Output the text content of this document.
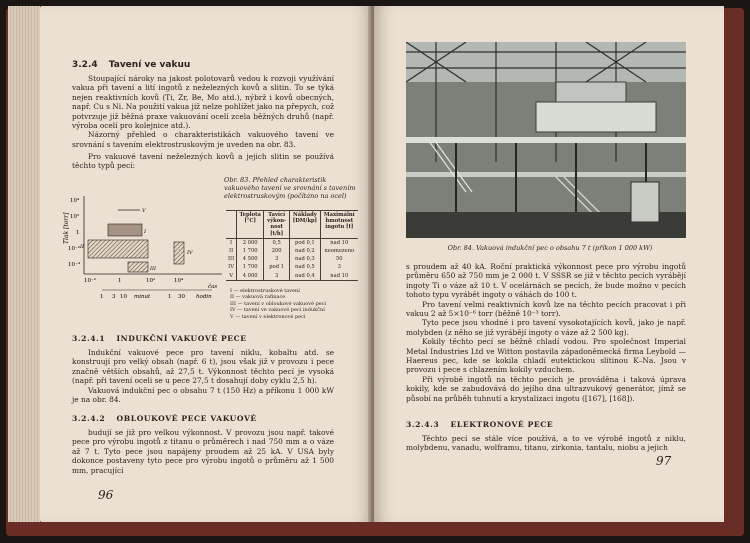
3.2.4 Tavení ve vakuu

Stoupající nároky na jakost polotovarů vedou k rozvoji využívání vakua při tavení a lití ingotů z neželezných kovů a slitin. To se týká nejen reaktivních kovů (Ti, Zr, Be, Mo atd.), nýbrž i kovů obecných, např. Cu s Ni. Na použití vakua již nelze pohlížet jako na přepych, což potvrzuje již běžná praxe vakuování ocelí zcela běžných druhů (např. výroba ocelí pro kolejnice atd.).

Názorný přehled o charakteristikách vakuového tavení ve srovnání s tavením elektrostruskovým je uveden na obr. 83.

Pro vakuové tavení neželezných kovů a jejich slitin se používá těchto typů pecí:

Tlak [torr]
10⁴
10²
1
10⁻²
10⁻⁴
10⁻²	1	10²	10⁴
I
II
III
IV
V
čas
1 3 10 minut	1 30 hodin
Obr. 83. Přehled charakteristik vakuového tavení ve srovnání s tavením elektrostruskovým (počítáno na ocel)
	Teplota [°C]	Tavící výkon-nost [t/h]	Náklady [DM/kp]	Maximální hmotnost ingotu [t]
I	2 000	0,5	pod 0,1	nad 10
II	1 700	200	nad 0,2	neomezeno
III	4 500	3	nad 0,3	50
IV	1 700	pod 1	nad 0,5	3
V	4 000	3	nad 0,4	nad 10
I — elektrostruskové tavení
II — vakuová rafinace
III — tavení v obloukové vakuové peci
IV — tavení ve vakuové peci indukční
V — tavení v elektronové peci
3.2.4.1 INDUKČNÍ VAKUOVÉ PECE

Indukční vakuové pece pro tavení niklu, kobaltu atd. se konstruují pro velký obsah (např. 6 t), jsou však již v provozu i pece značně větších obsahů, až 27,5 t. Výkonnost těchto pecí je vysoká (např. při tavení oceli se u pece 27,5 t dosahují doby cyklu 2,5 h).

Vakuová indukční pec o obsahu 7 t (150 Hz) a příkonu 1 000 kW je na obr. 84.

3.2.4.2 OBLOUKOVÉ PECE VAKUOVÉ

budují se již pro velkou výkonnost. V provozu jsou např. takové pece pro výrobu ingotů z titanu o průměrech i nad 750 mm a o váze až 7 t. Tyto pece jsou napájeny proudem až 25 kA. V USA byly dokonce postaveny tyto pece pro výrobu ingotů o průměru až 1 500 mm, pracující

96
Obr. 84. Vakuová indukční pec o obsahu 7 t (příkon 1 000 kW)

s proudem až 40 kA. Roční praktická výkonnost pece pro výrobu ingotů průměru 650 až 750 mm je 2 000 t. V SSSR se již v těchto pecích vyrábějí ingoty Ti o váze až 10 t. V ocelárnách se pecích, že bude možno v pecích tohoto typu vyrábět ingoty o váhách do 100 t.

Pro tavení velmi reaktivních kovů lze na těchto pecích pracovat i při vakuu 2 až 5×10⁻⁶ torr (běžně 10⁻³ torr).

Tyto pece jsou vhodné i pro tavení vysokotajících kovů, jako je např. molybden (z něho se již vyrábějí ingoty o váze až 2 500 kg).

Kokily těchto pecí se běžně chladí vodou. Pro společnost Imperial Metal Industries Ltd ve Witton postavila západoněmecká firma Leybold — Haereus pec, kde se kokila chladí eutektickou slitinou K–Na. Jsou v provozu i pece s chlazením kokily vzduchem.

Při výrobě ingotů na těchto pecích je prováděna i taková úprava kokily, kde se zabudovává do jejího dna ultrazvukový generátor, jímž se působí na průběh tuhnutí a krystalizaci ingotu ([167], [168]).

3.2.4.3 ELEKTRONOVÉ PECE

Těchto pecí se stále více používá, a to ve výrobě ingotů z niklu, molybdenu, vanadu, wolframu, titanu, zirkonia, tantalu, niobu a jejich

97
